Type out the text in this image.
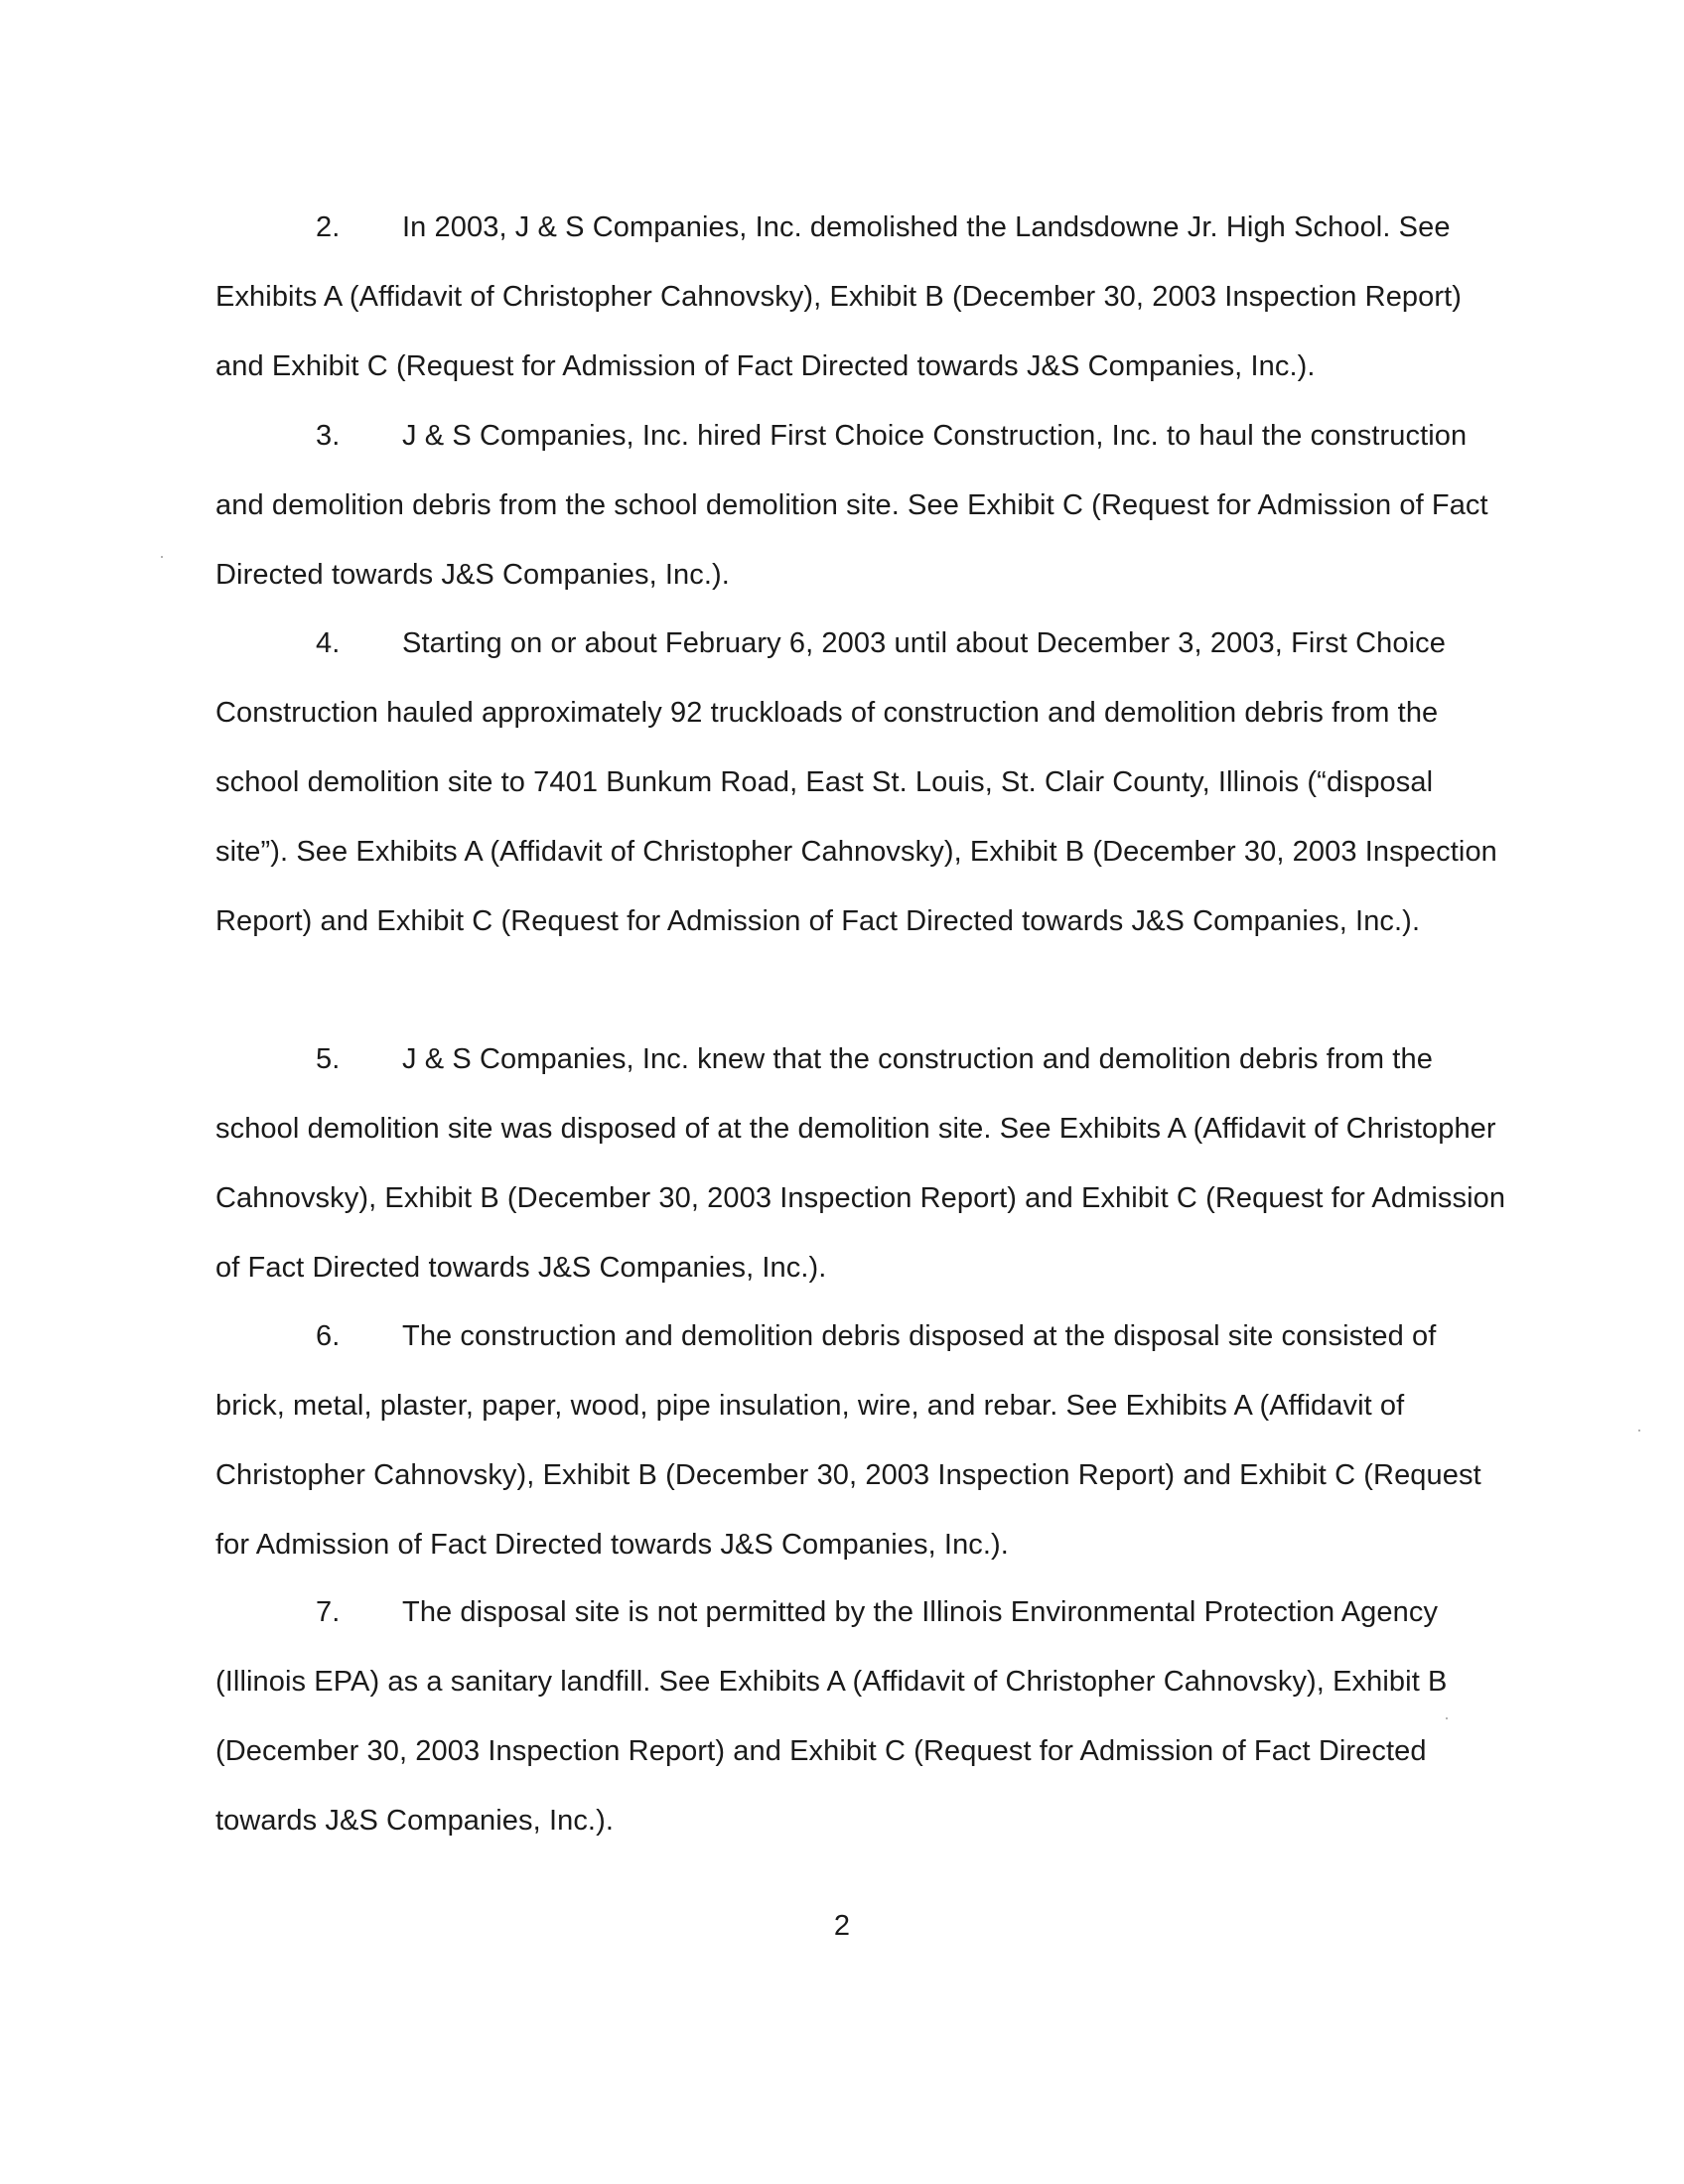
2. In 2003, J & S Companies, Inc. demolished the Landsdowne Jr. High School. See Exhibits A (Affidavit of Christopher Cahnovsky), Exhibit B (December 30, 2003 Inspection Report) and Exhibit C (Request for Admission of Fact Directed towards J&S Companies, Inc.).

3. J & S Companies, Inc. hired First Choice Construction, Inc. to haul the construction and demolition debris from the school demolition site. See Exhibit C (Request for Admission of Fact Directed towards J&S Companies, Inc.).

4. Starting on or about February 6, 2003 until about December 3, 2003, First Choice Construction hauled approximately 92 truckloads of construction and demolition debris from the school demolition site to 7401 Bunkum Road, East St. Louis, St. Clair County, Illinois (“disposal site”). See Exhibits A (Affidavit of Christopher Cahnovsky), Exhibit B (December 30, 2003 Inspection Report) and Exhibit C (Request for Admission of Fact Directed towards J&S Companies, Inc.).

5. J & S Companies, Inc. knew that the construction and demolition debris from the school demolition site was disposed of at the demolition site. See Exhibits A (Affidavit of Christopher Cahnovsky), Exhibit B (December 30, 2003 Inspection Report) and Exhibit C (Request for Admission of Fact Directed towards J&S Companies, Inc.).

6. The construction and demolition debris disposed at the disposal site consisted of brick, metal, plaster, paper, wood, pipe insulation, wire, and rebar. See Exhibits A (Affidavit of Christopher Cahnovsky), Exhibit B (December 30, 2003 Inspection Report) and Exhibit C (Request for Admission of Fact Directed towards J&S Companies, Inc.).

7. The disposal site is not permitted by the Illinois Environmental Protection Agency (Illinois EPA) as a sanitary landfill. See Exhibits A (Affidavit of Christopher Cahnovsky), Exhibit B (December 30, 2003 Inspection Report) and Exhibit C (Request for Admission of Fact Directed towards J&S Companies, Inc.).

2
